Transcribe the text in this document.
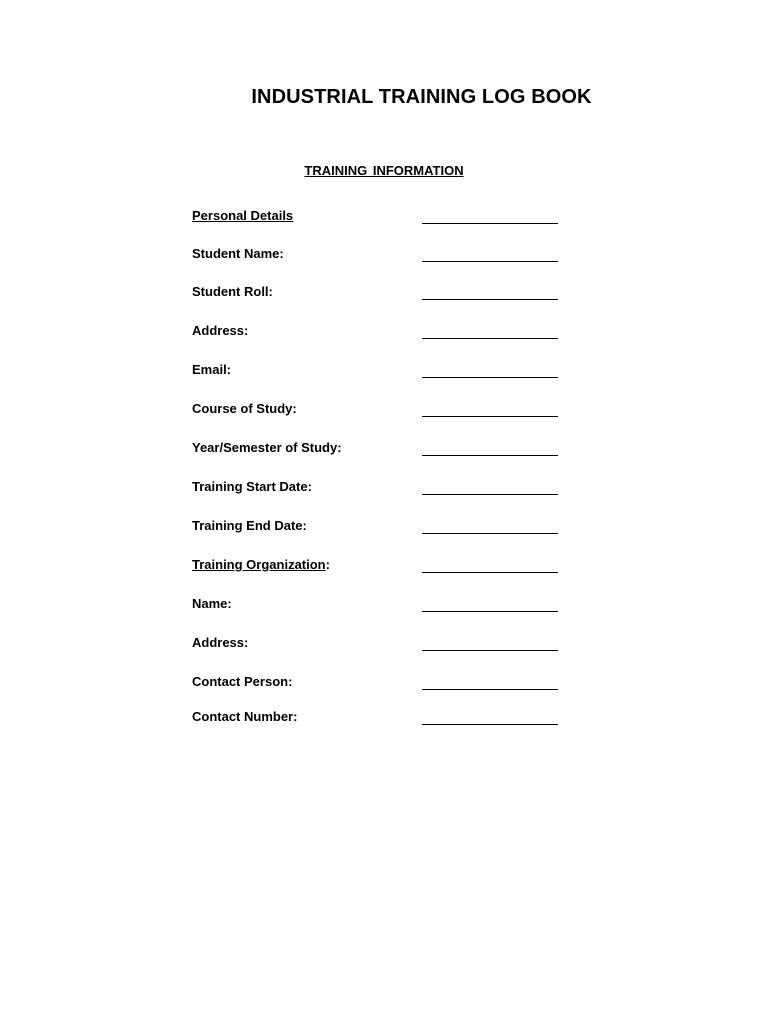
INDUSTRIAL TRAINING LOG BOOK
TRAINING INFORMATION
Personal Details
Student Name:
Student Roll:
Address:
Email:
Course of Study:
Year/Semester of Study:
Training Start Date:
Training End Date:
Training Organization:
Name:
Address:
Contact Person:
Contact Number:
